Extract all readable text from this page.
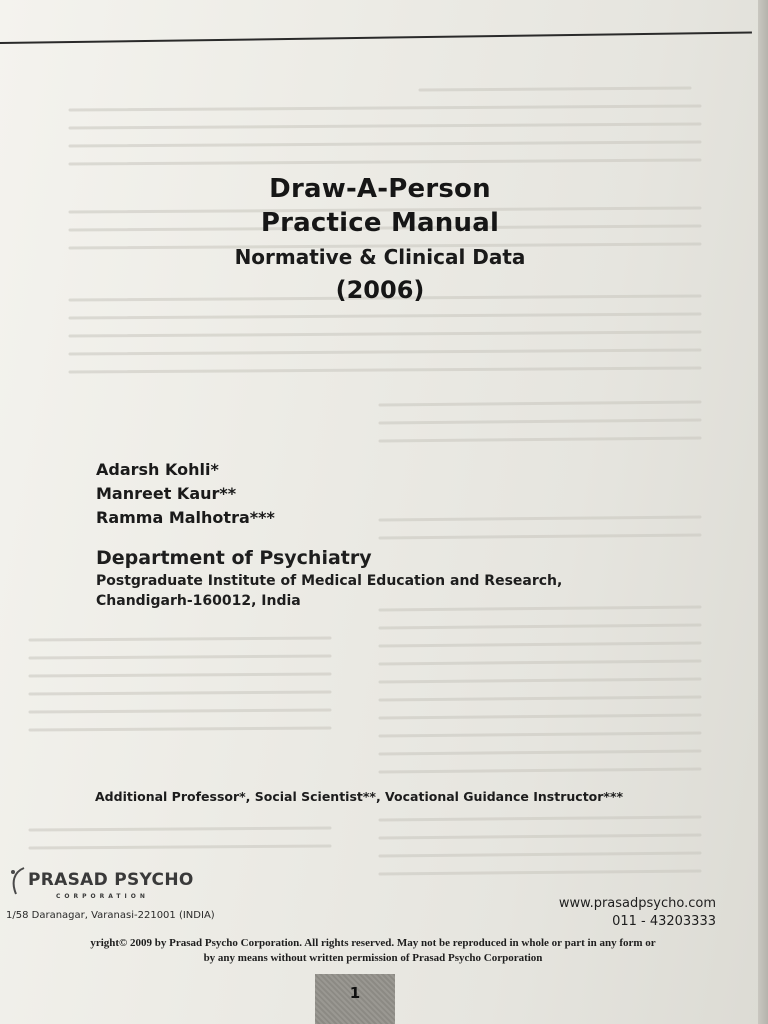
Draw-A-Person
Practice Manual
Normative & Clinical Data
(2006)
Adarsh Kohli*
Manreet Kaur**
Ramma Malhotra***
Department of Psychiatry
Postgraduate Institute of Medical Education and Research,
Chandigarh-160012, India
Additional Professor*, Social Scientist**, Vocational Guidance Instructor***
PRASAD PSYCHO
CORPORATION
1/58 Daranagar, Varanasi-221001 (INDIA)
www.prasadpsycho.com
011 - 43203333
yright© 2009 by Prasad Psycho Corporation. All rights reserved. May not be reproduced in whole or part in any form or
by any means without written permission of Prasad Psycho Corporation
1
